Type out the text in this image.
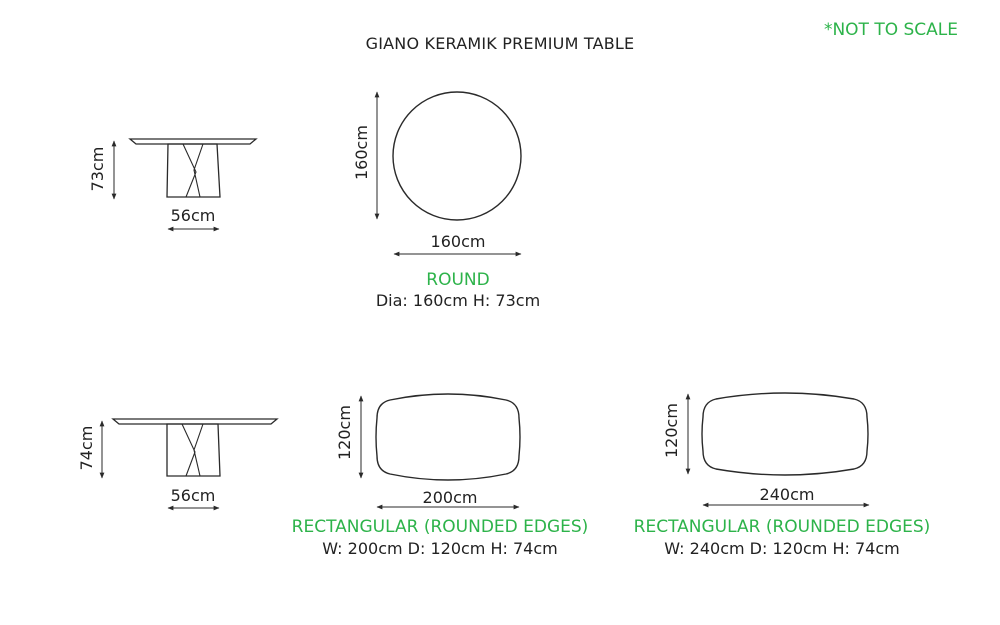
GIANO KERAMIK PREMIUM TABLE
*NOT TO SCALE
73cm
56cm
160cm
160cm
ROUND
Dia: 160cm H: 73cm
74cm
56cm
120cm
200cm
RECTANGULAR (ROUNDED EDGES)
W: 200cm D: 120cm H: 74cm
120cm
240cm
RECTANGULAR (ROUNDED EDGES)
W: 240cm D: 120cm H: 74cm
